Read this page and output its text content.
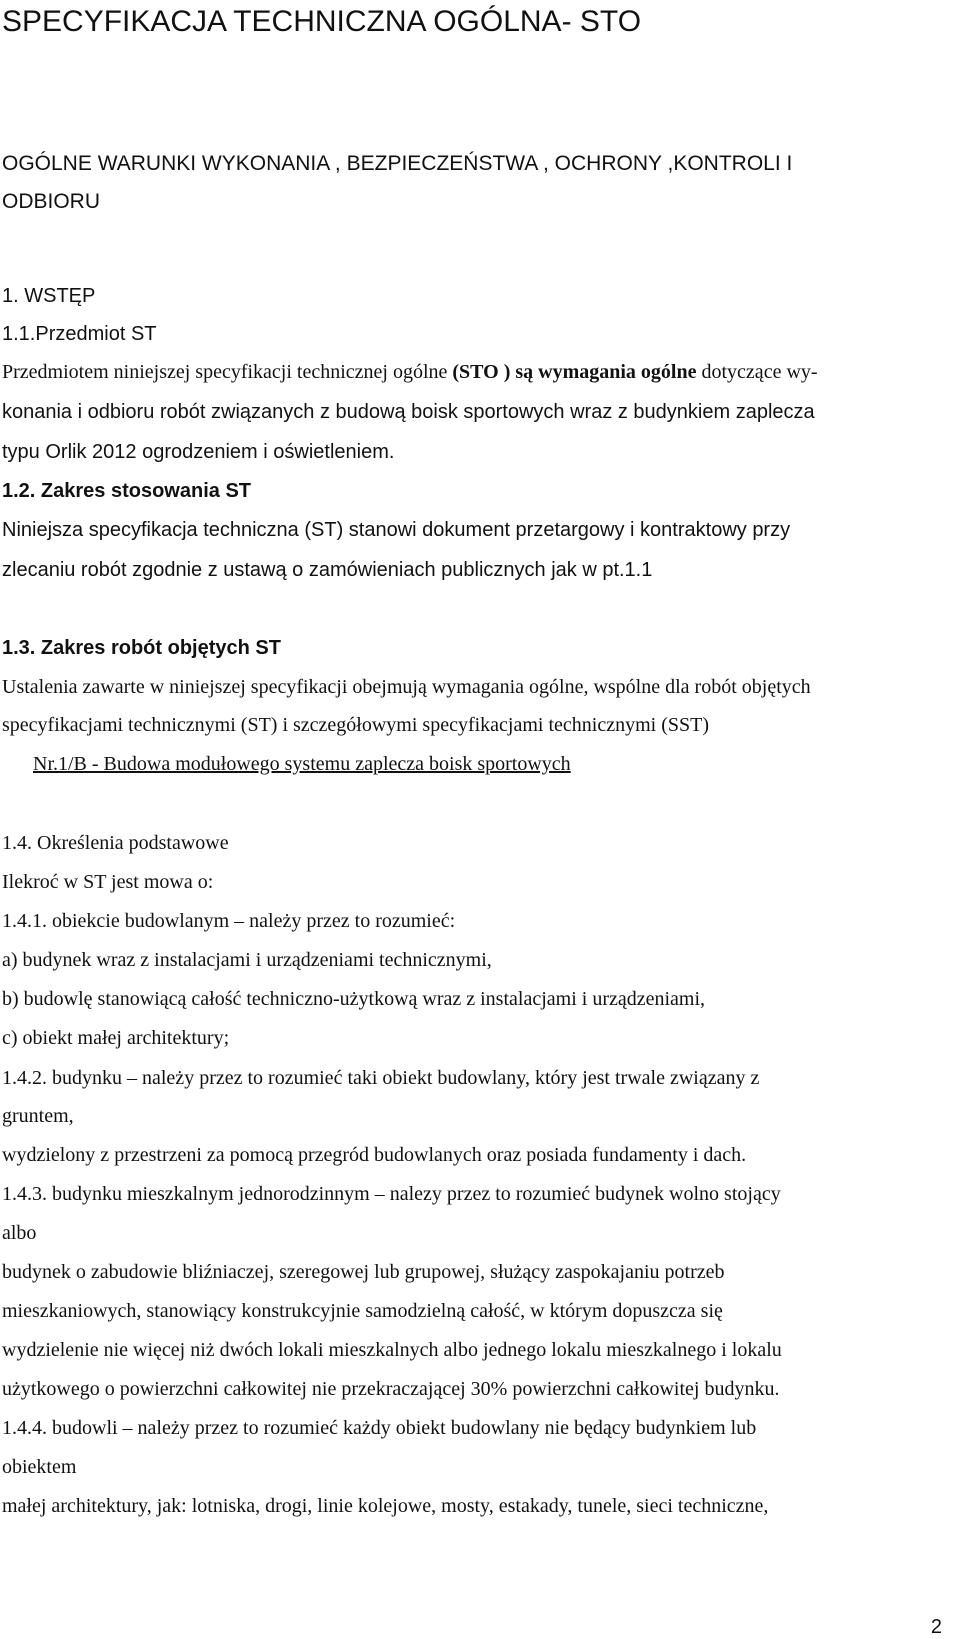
SPECYFIKACJA TECHNICZNA OGÓLNA- STO
OGÓLNE WARUNKI WYKONANIA , BEZPIECZEŃSTWA , OCHRONY ,KONTROLI I
ODBIORU
1. WSTĘP
1.1.Przedmiot ST
Przedmiotem niniejszej specyfikacji technicznej ogólne (STO ) są wymagania ogólne dotyczące wy-
konania i odbioru robót związanych z budową boisk sportowych wraz z budynkiem zaplecza
typu Orlik 2012 ogrodzeniem i oświetleniem.
1.2. Zakres stosowania ST
Niniejsza specyfikacja techniczna (ST) stanowi dokument przetargowy i kontraktowy przy
zlecaniu robót zgodnie z ustawą o zamówieniach publicznych jak w pt.1.1
1.3. Zakres robót objętych ST
Ustalenia zawarte w niniejszej specyfikacji obejmują wymagania ogólne, wspólne dla robót objętych
specyfikacjami technicznymi (ST) i szczegółowymi specyfikacjami technicznymi (SST)
Nr.1/B - Budowa modułowego systemu zaplecza boisk sportowych
1.4. Określenia podstawowe
Ilekroć w ST jest mowa o:
1.4.1. obiekcie budowlanym – należy przez to rozumieć:
a) budynek wraz z instalacjami i urządzeniami technicznymi,
b) budowlę stanowiącą całość techniczno-użytkową wraz z instalacjami i urządzeniami,
c) obiekt małej architektury;
1.4.2. budynku – należy przez to rozumieć taki obiekt budowlany, który jest trwale związany z
gruntem,
wydzielony z przestrzeni za pomocą przegród budowlanych oraz posiada fundamenty i dach.
1.4.3. budynku mieszkalnym jednorodzinnym – nalezy przez to rozumieć budynek wolno stojący
albo
budynek o zabudowie bliźniaczej, szeregowej lub grupowej, służący zaspokajaniu potrzeb
mieszkaniowych, stanowiący konstrukcyjnie samodzielną całość, w którym dopuszcza się
wydzielenie nie więcej niż dwóch lokali mieszkalnych albo jednego lokalu mieszkalnego i lokalu
użytkowego o powierzchni całkowitej nie przekraczającej 30% powierzchni całkowitej budynku.
1.4.4. budowli – należy przez to rozumieć każdy obiekt budowlany nie będący budynkiem lub
obiektem
małej architektury, jak: lotniska, drogi, linie kolejowe, mosty, estakady, tunele, sieci techniczne,
2
